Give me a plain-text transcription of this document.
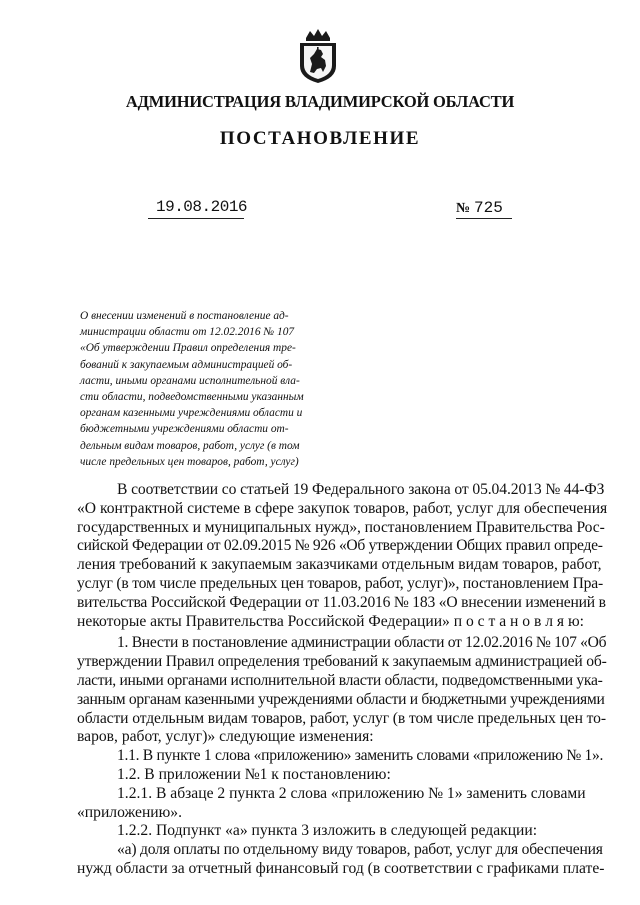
АДМИНИСТРАЦИЯ ВЛАДИМИРСКОЙ ОБЛАСТИ
ПОСТАНОВЛЕНИЕ
19.08.2016	№ 725
О внесении изменений в постановление ад-
министрации области от 12.02.2016 № 107
«Об утверждении Правил определения тре-
бований к закупаемым администрацией об-
ласти, иными органами исполнительной вла-
сти области, подведомственными указанным
органам казенными учреждениями области и
бюджетными учреждениями области от-
дельным видам товаров, работ, услуг (в том
числе предельных цен товаров, работ, услуг)
В соответствии со статьей 19 Федерального закона от 05.04.2013 № 44-ФЗ
«О контрактной системе в сфере закупок товаров, работ, услуг для обеспечения
государственных и муниципальных нужд», постановлением Правительства Рос-
сийской Федерации от 02.09.2015 № 926 «Об утверждении Общих правил опреде-
ления требований к закупаемым заказчиками отдельным видам товаров, работ,
услуг (в том числе предельных цен товаров, работ, услуг)», постановлением Пра-
вительства Российской Федерации от 11.03.2016 № 183 «О внесении изменений в
некоторые акты Правительства Российской Федерации» п о с т а н о в л я ю:
1. Внести в постановление администрации области от 12.02.2016 № 107 «Об
утверждении Правил определения требований к закупаемым администрацией об-
ласти, иными органами исполнительной власти области, подведомственными ука-
занным органам казенными учреждениями области и бюджетными учреждениями
области отдельным видам товаров, работ, услуг (в том числе предельных цен то-
варов, работ, услуг)» следующие изменения:
1.1. В пункте 1 слова «приложению» заменить словами «приложению № 1».
1.2. В приложении №1 к постановлению:
1.2.1. В абзаце 2 пункта 2 слова «приложению № 1» заменить словами
«приложению».
1.2.2. Подпункт «а» пункта 3 изложить в следующей редакции:
«а) доля оплаты по отдельному виду товаров, работ, услуг для обеспечения
нужд области за отчетный финансовый год (в соответствии с графиками плате-
